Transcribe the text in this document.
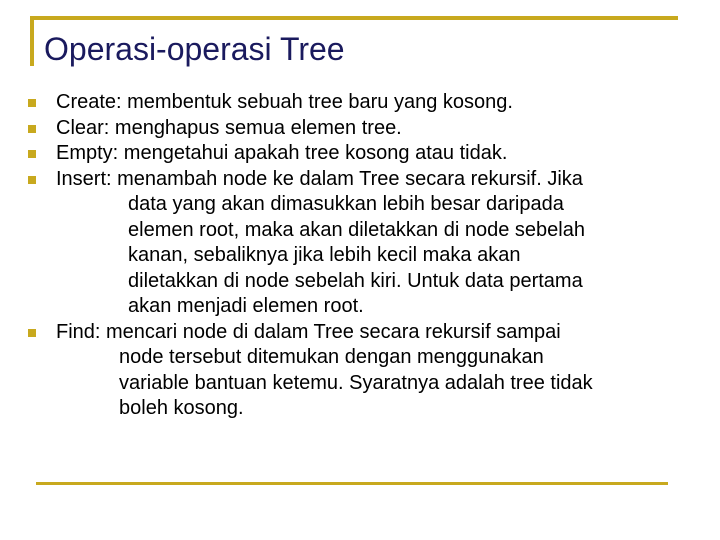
Operasi-operasi Tree
Create: membentuk sebuah tree baru yang kosong.
Clear: menghapus semua elemen tree.
Empty: mengetahui apakah tree kosong atau tidak.
Insert: menambah node ke dalam Tree secara rekursif. Jika
data yang akan dimasukkan lebih besar daripada
elemen root, maka akan diletakkan di node sebelah
kanan, sebaliknya jika lebih kecil maka akan
diletakkan di node sebelah kiri. Untuk data pertama
akan menjadi elemen root.
Find: mencari node di dalam Tree secara rekursif sampai
node tersebut ditemukan dengan menggunakan
variable bantuan ketemu. Syaratnya adalah tree tidak
boleh kosong.
